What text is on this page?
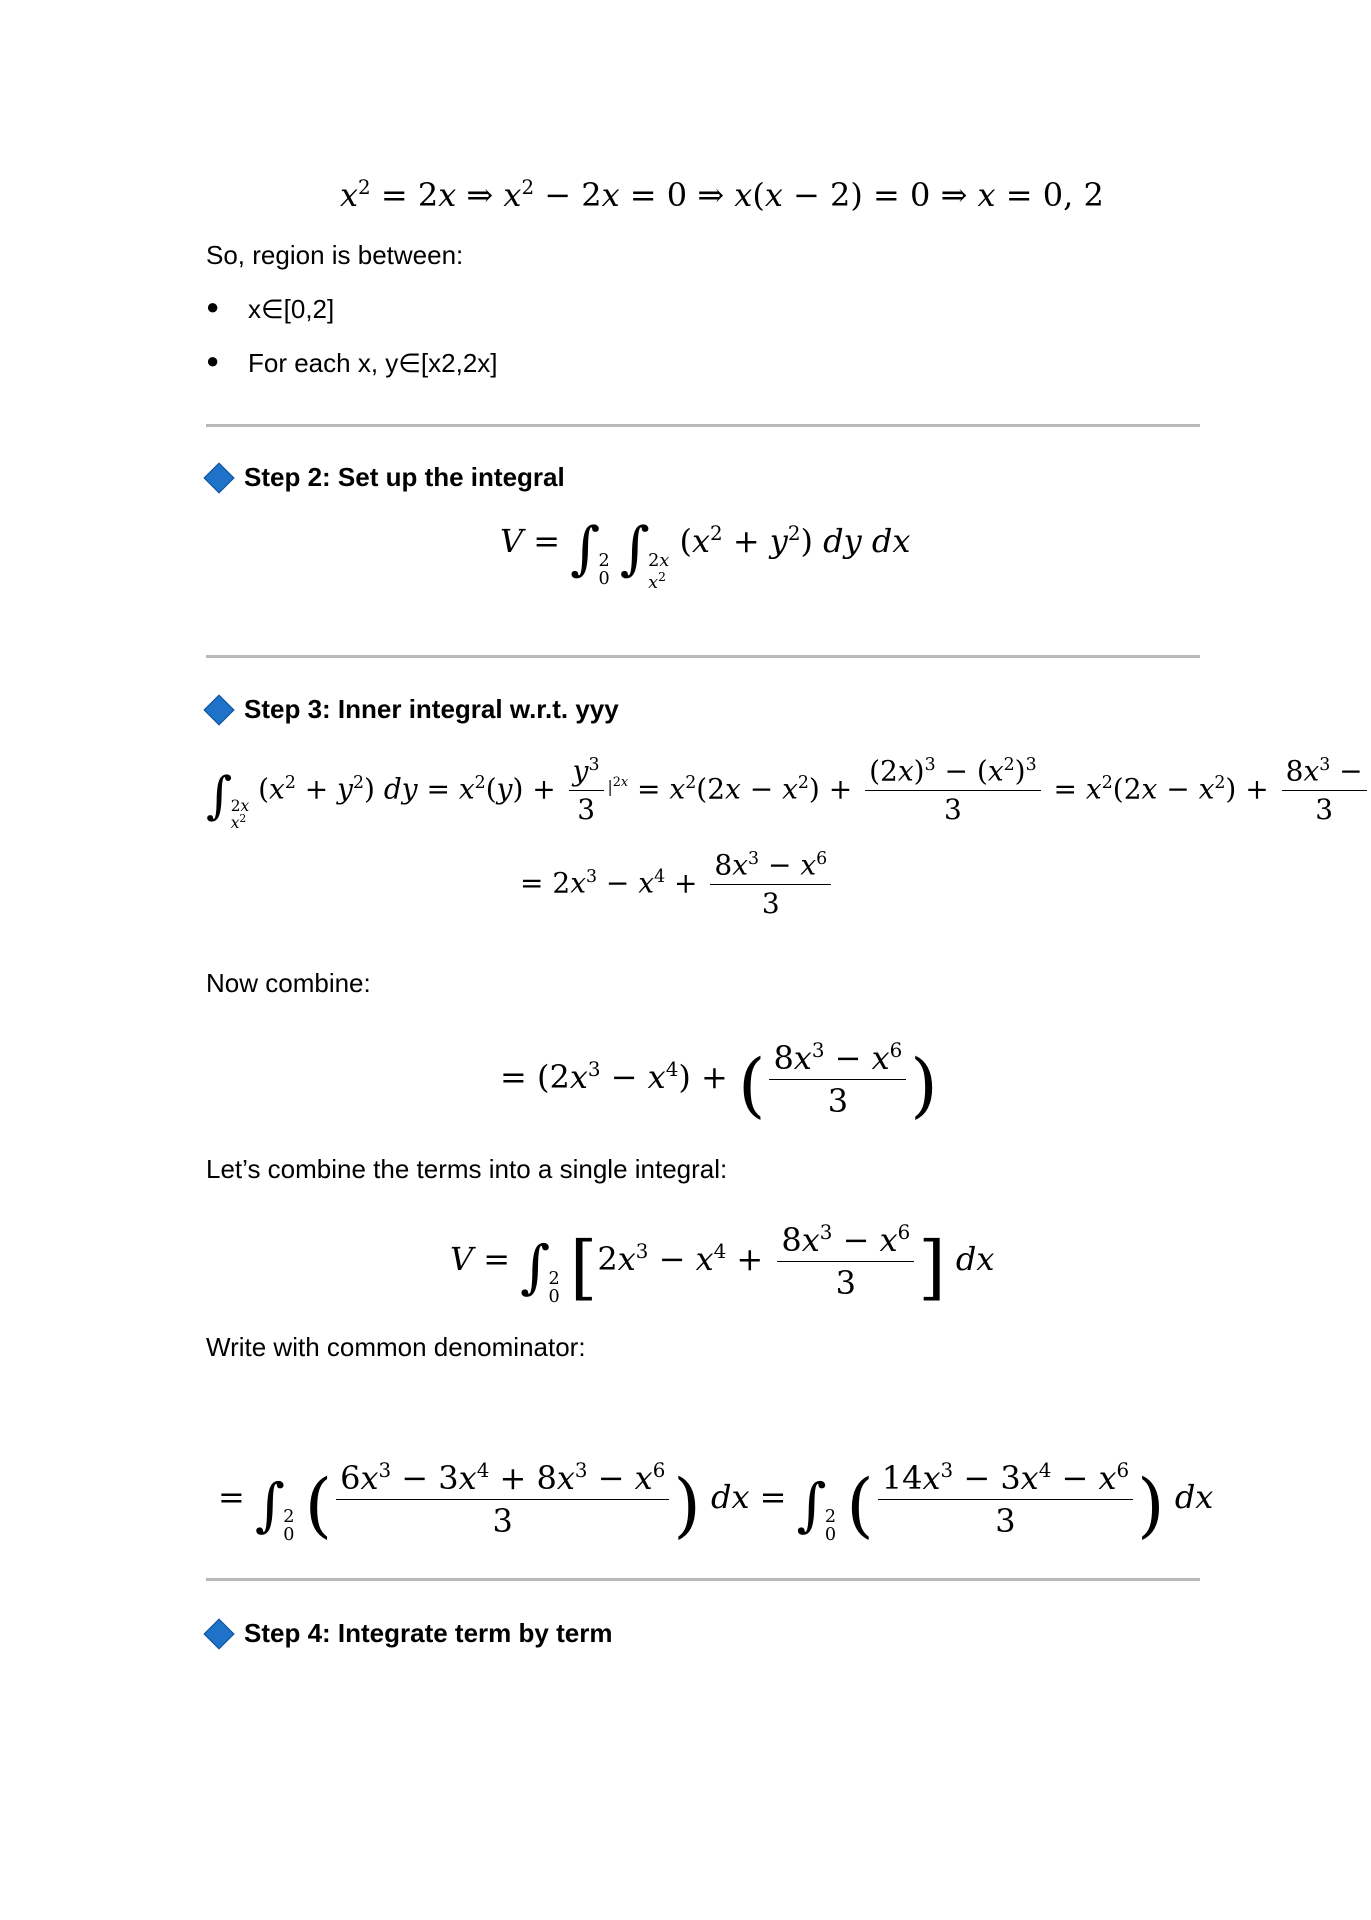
$x^2 = 2x$ ⇒ $x^2 - 2x = 0$ ⇒ x(x − 2) = 0 ⇒ x = 0, 2
So, region is between:
● x∈[0,2]
● For each x, y∈[x2,2x]
Step 2: Set up the integral
V = ∫
2
0 ∫
2x
$x^2$
$(x^2 + y^2)$ dy dx
Step 3: Inner integral w.r.t. yyy
∫
2x
$x^2$
$(x^2 + y^2)$ dy = $x^2(y) + \frac{y^3}{3} ^{|^{2x}} = x^2(2x - x^2) + \frac{(2x)^3 - (x^2)^3}{3} = x^2(2x - x^2) + \frac{8x^3 -}{3}$
= $2x^3 - x^4 + \frac{8x^3 - x^6}{3}$
Now combine:
= $(2x^3 - x^4)$ + ( $\frac{8x^3 - x^6}{3}$ )
Let’s combine the terms into a single integral:
V = ∫
2
0 [$2x^3 - x^4 + \frac{8x^3 - x^6}{3}$ ] dx
Write with common denominator:
= ∫
2
0 ( $\frac{6x^3 - 3x^4 + 8x^3 - x^6}{3}$ ) dx = ∫
2
0 ( $\frac{14x^3 - 3x^4 - x^6}{3}$ ) dx
Step 4: Integrate term by term
